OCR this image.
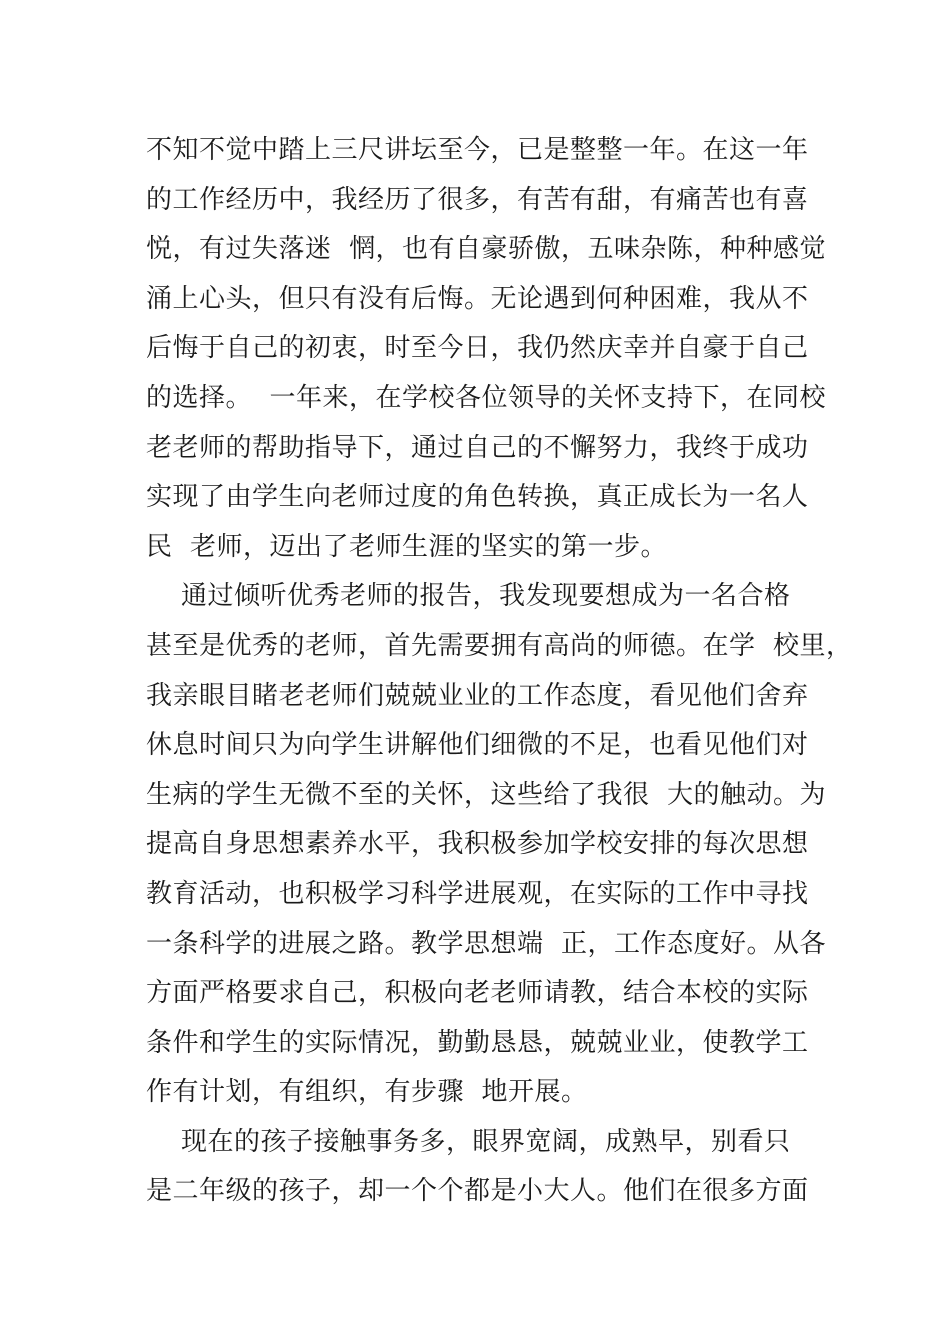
不知不觉中踏上三尺讲坛至今，已是整整一年。在这一年
的工作经历中，我经历了很多，有苦有甜，有痛苦也有喜
悦，有过失落迷  惘，也有自豪骄傲，五味杂陈，种种感觉
涌上心头，但只有没有后悔。无论遇到何种困难，我从不
后悔于自己的初衷，时至今日，我仍然庆幸并自豪于自己
的选择。  一年来，在学校各位领导的关怀支持下，在同校
老老师的帮助指导下，通过自己的不懈努力，我终于成功
实现了由学生向老师过度的角色转换，真正成长为一名人
民  老师，迈出了老师生涯的坚实的第一步。
通过倾听优秀老师的报告，我发现要想成为一名合格
甚至是优秀的老师，首先需要拥有高尚的师德。在学  校里，
我亲眼目睹老老师们兢兢业业的工作态度，看见他们舍弃
休息时间只为向学生讲解他们细微的不足，也看见他们对
生病的学生无微不至的关怀，这些给了我很  大的触动。为
提高自身思想素养水平，我积极参加学校安排的每次思想
教育活动，也积极学习科学进展观，在实际的工作中寻找
一条科学的进展之路。教学思想端  正，工作态度好。从各
方面严格要求自己，积极向老老师请教，结合本校的实际
条件和学生的实际情况，勤勤恳恳，兢兢业业，使教学工
作有计划，有组织，有步骤  地开展。
现在的孩子接触事务多，眼界宽阔，成熟早，别看只
是二年级的孩子，却一个个都是小大人。他们在很多方面
